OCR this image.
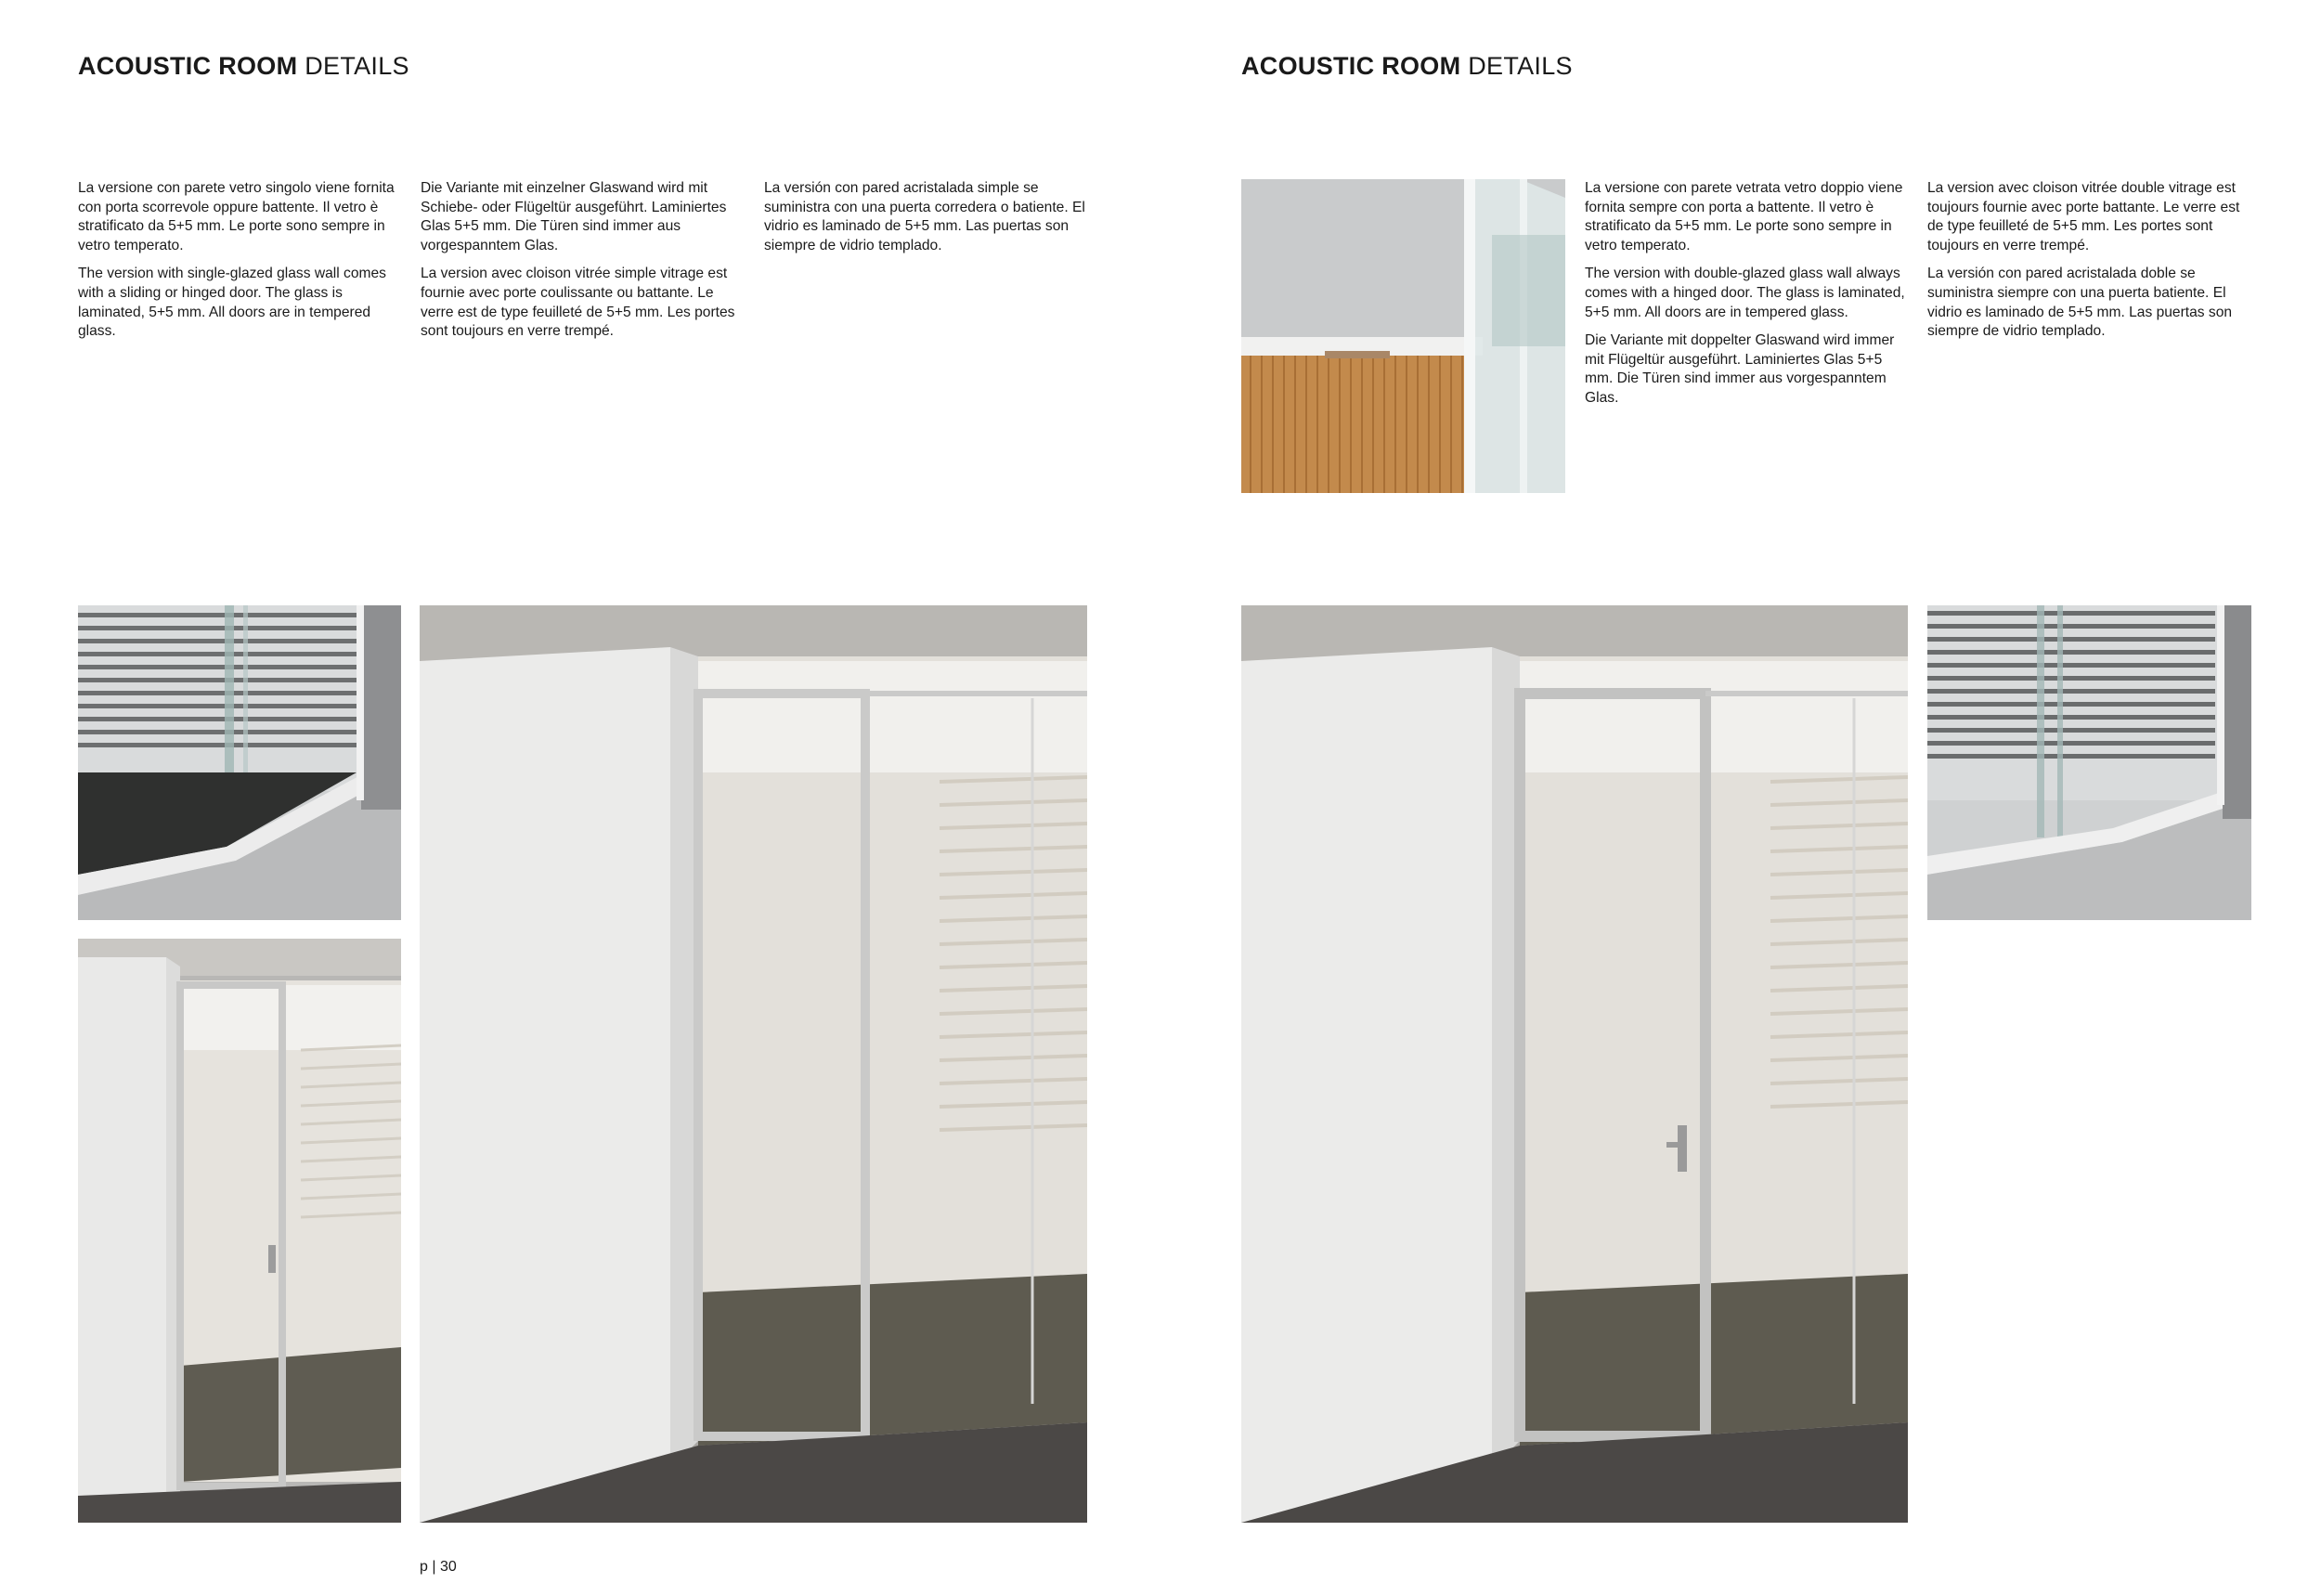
ACOUSTIC ROOM DETAILS

La versione con parete vetro singolo viene fornita con porta scorrevole oppure battente. Il vetro è stratificato da 5+5 mm. Le porte sono sempre in vetro temperato.

The version with single-glazed glass wall comes with a sliding or hinged door. The glass is laminated, 5+5 mm. All doors are in tempered glass.

Die Variante mit einzelner Glaswand wird mit Schiebe- oder Flügeltür ausgeführt. Laminiertes Glas 5+5 mm. Die Türen sind immer aus vorgespanntem Glas.

La version avec cloison vitrée simple vitrage est fournie avec porte coulissante ou battante. Le verre est de type feuilleté de 5+5 mm. Les portes sont toujours en verre trempé.

La versión con pared acristalada simple se suministra con una puerta corredera o batiente. El vidrio es laminado de 5+5 mm. Las puertas son siempre de vidrio templado.

p | 30
ACOUSTIC ROOM DETAILS

La versione con parete vetrata vetro doppio viene fornita sempre con porta a battente. Il vetro è stratificato da 5+5 mm. Le porte sono sempre in vetro temperato.

The version with double-glazed glass wall always comes with a hinged door. The glass is laminated, 5+5 mm. All doors are in tempered glass.

Die Variante mit doppelter Glaswand wird immer mit Flügeltür ausgeführt. Laminiertes Glas 5+5 mm. Die Türen sind immer aus vorgespanntem Glas.

La version avec cloison vitrée double vitrage est toujours fournie avec porte battante. Le verre est de type feuilleté de 5+5 mm. Les portes sont toujours en verre trempé.

La versión con pared acristalada doble se suministra siempre con una puerta batiente. El vidrio es laminado de 5+5 mm. Las puertas son siempre de vidrio templado.
